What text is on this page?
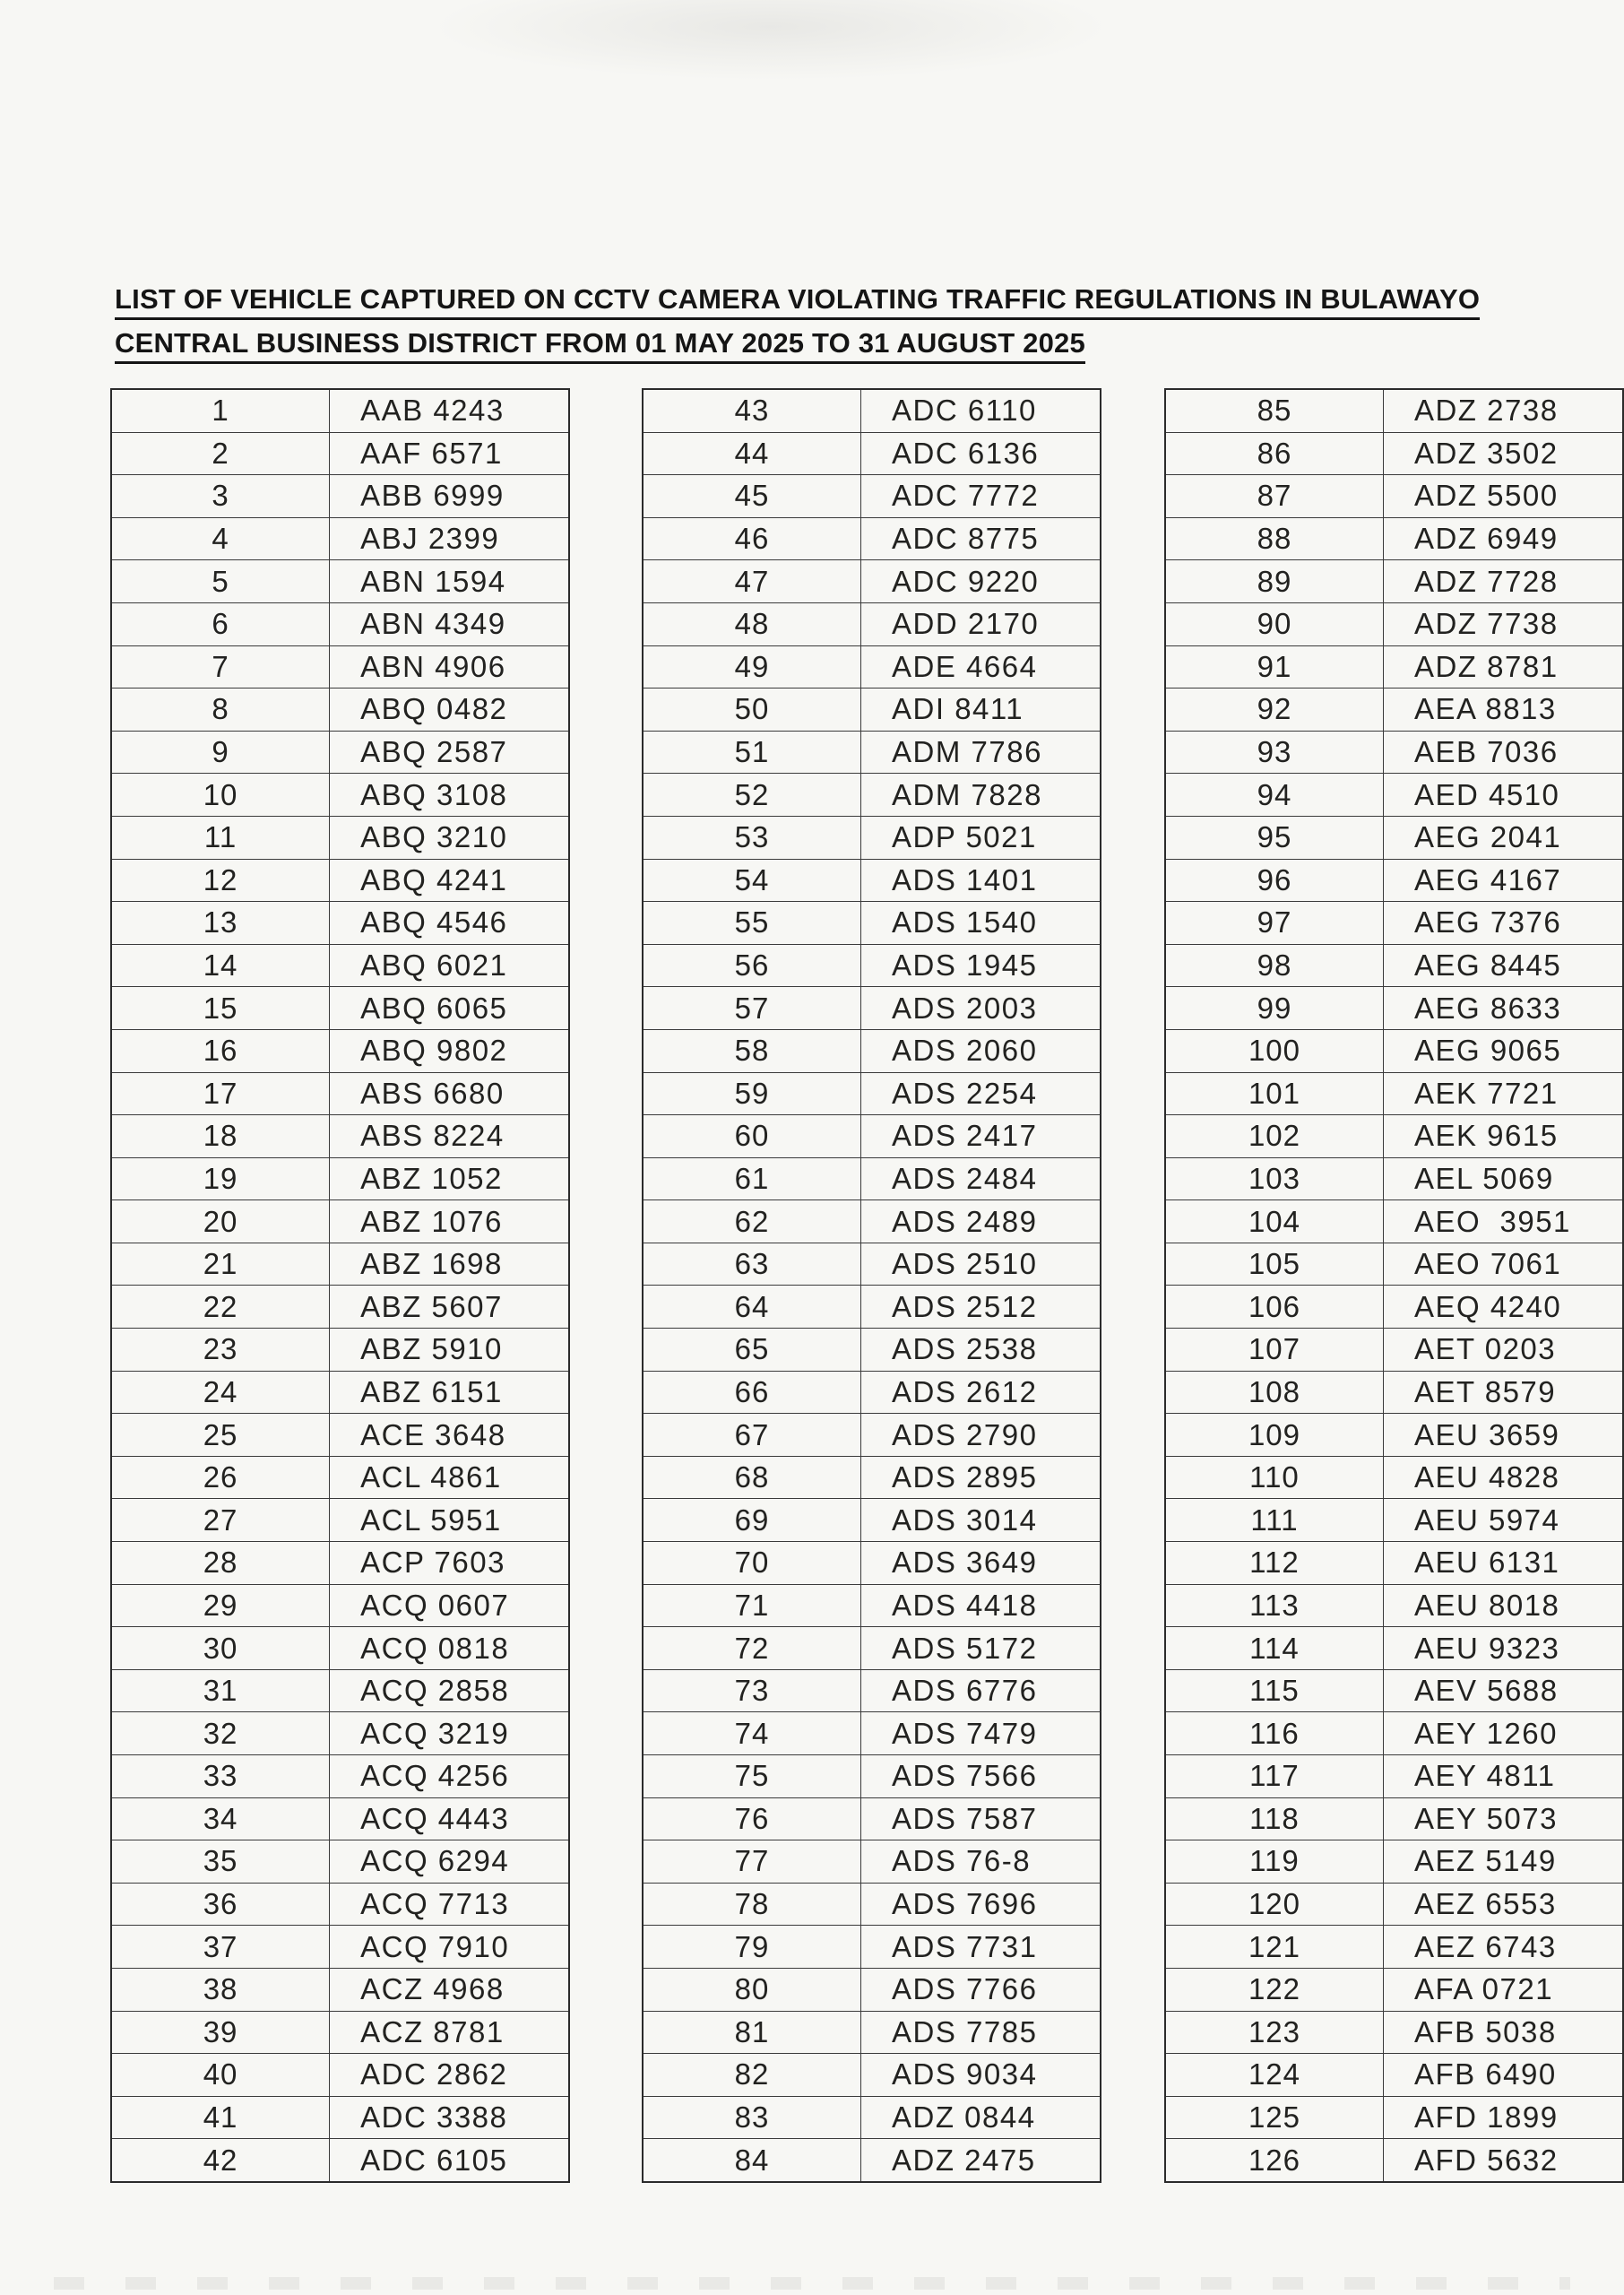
LIST OF VEHICLE CAPTURED ON CCTV CAMERA VIOLATING TRAFFIC REGULATIONS IN BULAWAYO
CENTRAL BUSINESS DISTRICT FROM 01 MAY 2025 TO 31 AUGUST 2025
1	AAB 4243
2	AAF 6571
3	ABB 6999
4	ABJ 2399
5	ABN 1594
6	ABN 4349
7	ABN 4906
8	ABQ 0482
9	ABQ 2587
10	ABQ 3108
11	ABQ 3210
12	ABQ 4241
13	ABQ 4546
14	ABQ 6021
15	ABQ 6065
16	ABQ 9802
17	ABS 6680
18	ABS 8224
19	ABZ 1052
20	ABZ 1076
21	ABZ 1698
22	ABZ 5607
23	ABZ 5910
24	ABZ 6151
25	ACE 3648
26	ACL 4861
27	ACL 5951
28	ACP 7603
29	ACQ 0607
30	ACQ 0818
31	ACQ 2858
32	ACQ 3219
33	ACQ 4256
34	ACQ 4443
35	ACQ 6294
36	ACQ 7713
37	ACQ 7910
38	ACZ 4968
39	ACZ 8781
40	ADC 2862
41	ADC 3388
42	ADC 6105
43	ADC 6110
44	ADC 6136
45	ADC 7772
46	ADC 8775
47	ADC 9220
48	ADD 2170
49	ADE 4664
50	ADI 8411
51	ADM 7786
52	ADM 7828
53	ADP 5021
54	ADS 1401
55	ADS 1540
56	ADS 1945
57	ADS 2003
58	ADS 2060
59	ADS 2254
60	ADS 2417
61	ADS 2484
62	ADS 2489
63	ADS 2510
64	ADS 2512
65	ADS 2538
66	ADS 2612
67	ADS 2790
68	ADS 2895
69	ADS 3014
70	ADS 3649
71	ADS 4418
72	ADS 5172
73	ADS 6776
74	ADS 7479
75	ADS 7566
76	ADS 7587
77	ADS 76-8
78	ADS 7696
79	ADS 7731
80	ADS 7766
81	ADS 7785
82	ADS 9034
83	ADZ 0844
84	ADZ 2475
85	ADZ 2738
86	ADZ 3502
87	ADZ 5500
88	ADZ 6949
89	ADZ 7728
90	ADZ 7738
91	ADZ 8781
92	AEA 8813
93	AEB 7036
94	AED 4510
95	AEG 2041
96	AEG 4167
97	AEG 7376
98	AEG 8445
99	AEG 8633
100	AEG 9065
101	AEK 7721
102	AEK 9615
103	AEL 5069
104	AEO  3951
105	AEO 7061
106	AEQ 4240
107	AET 0203
108	AET 8579
109	AEU 3659
110	AEU 4828
111	AEU 5974
112	AEU 6131
113	AEU 8018
114	AEU 9323
115	AEV 5688
116	AEY 1260
117	AEY 4811
118	AEY 5073
119	AEZ 5149
120	AEZ 6553
121	AEZ 6743
122	AFA 0721
123	AFB 5038
124	AFB 6490
125	AFD 1899
126	AFD 5632
